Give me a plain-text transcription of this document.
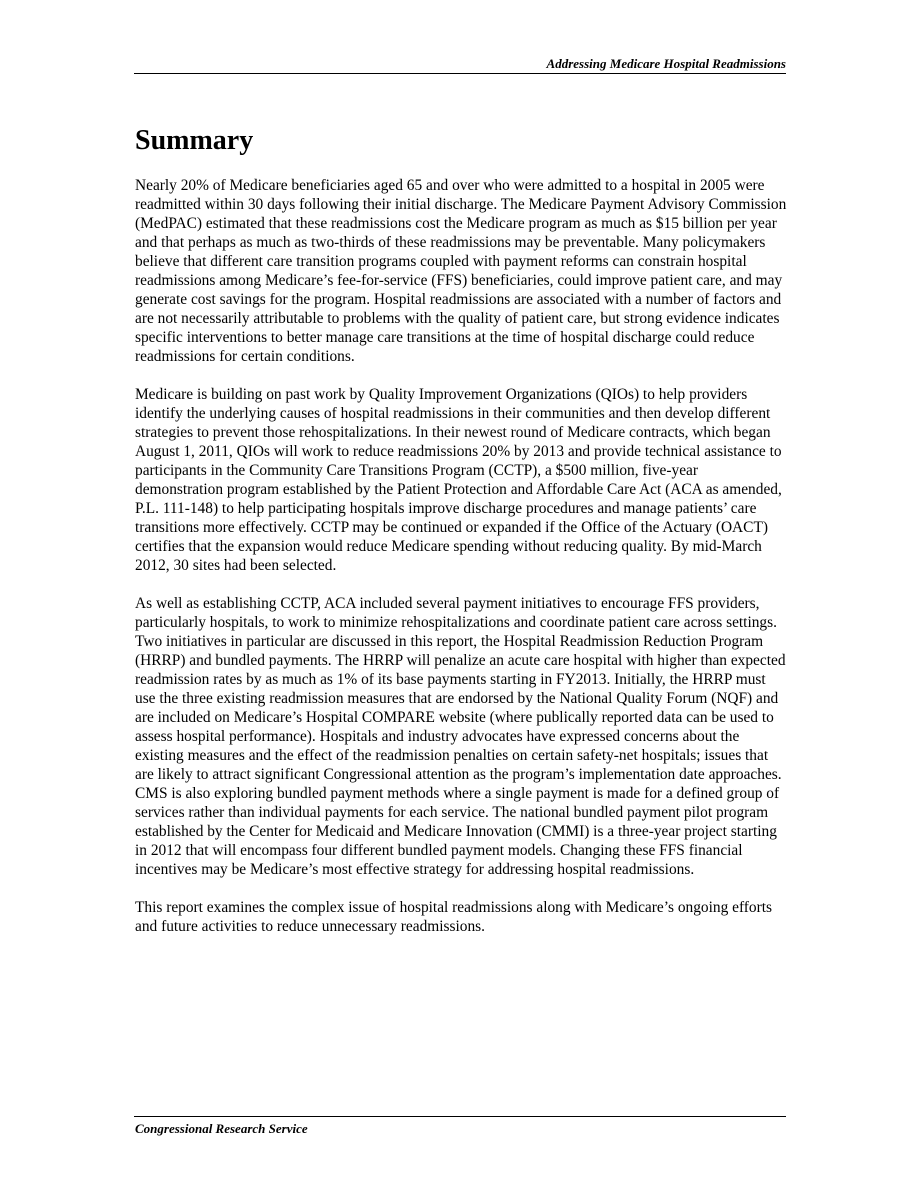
Addressing Medicare Hospital Readmissions
Summary

Nearly 20% of Medicare beneficiaries aged 65 and over who were admitted to a hospital in 2005 were readmitted within 30 days following their initial discharge. The Medicare Payment Advisory Commission (MedPAC) estimated that these readmissions cost the Medicare program as much as $15 billion per year and that perhaps as much as two-thirds of these readmissions may be preventable. Many policymakers believe that different care transition programs coupled with payment reforms can constrain hospital readmissions among Medicare’s fee-for-service (FFS) beneficiaries, could improve patient care, and may generate cost savings for the program. Hospital readmissions are associated with a number of factors and are not necessarily attributable to problems with the quality of patient care, but strong evidence indicates specific interventions to better manage care transitions at the time of hospital discharge could reduce readmissions for certain conditions.

Medicare is building on past work by Quality Improvement Organizations (QIOs) to help providers identify the underlying causes of hospital readmissions in their communities and then develop different strategies to prevent those rehospitalizations. In their newest round of Medicare contracts, which began August 1, 2011, QIOs will work to reduce readmissions 20% by 2013 and provide technical assistance to participants in the Community Care Transitions Program (CCTP), a $500 million, five-year demonstration program established by the Patient Protection and Affordable Care Act (ACA as amended, P.L. 111-148) to help participating hospitals improve discharge procedures and manage patients’ care transitions more effectively. CCTP may be continued or expanded if the Office of the Actuary (OACT) certifies that the expansion would reduce Medicare spending without reducing quality. By mid-March 2012, 30 sites had been selected.

As well as establishing CCTP, ACA included several payment initiatives to encourage FFS providers, particularly hospitals, to work to minimize rehospitalizations and coordinate patient care across settings. Two initiatives in particular are discussed in this report, the Hospital Readmission Reduction Program (HRRP) and bundled payments. The HRRP will penalize an acute care hospital with higher than expected readmission rates by as much as 1% of its base payments starting in FY2013. Initially, the HRRP must use the three existing readmission measures that are endorsed by the National Quality Forum (NQF) and are included on Medicare’s Hospital COMPARE website (where publically reported data can be used to assess hospital performance). Hospitals and industry advocates have expressed concerns about the existing measures and the effect of the readmission penalties on certain safety-net hospitals; issues that are likely to attract significant Congressional attention as the program’s implementation date approaches. CMS is also exploring bundled payment methods where a single payment is made for a defined group of services rather than individual payments for each service. The national bundled payment pilot program established by the Center for Medicaid and Medicare Innovation (CMMI) is a three-year project starting in 2012 that will encompass four different bundled payment models. Changing these FFS financial incentives may be Medicare’s most effective strategy for addressing hospital readmissions.

This report examines the complex issue of hospital readmissions along with Medicare’s ongoing efforts and future activities to reduce unnecessary readmissions.

Congressional Research Service
